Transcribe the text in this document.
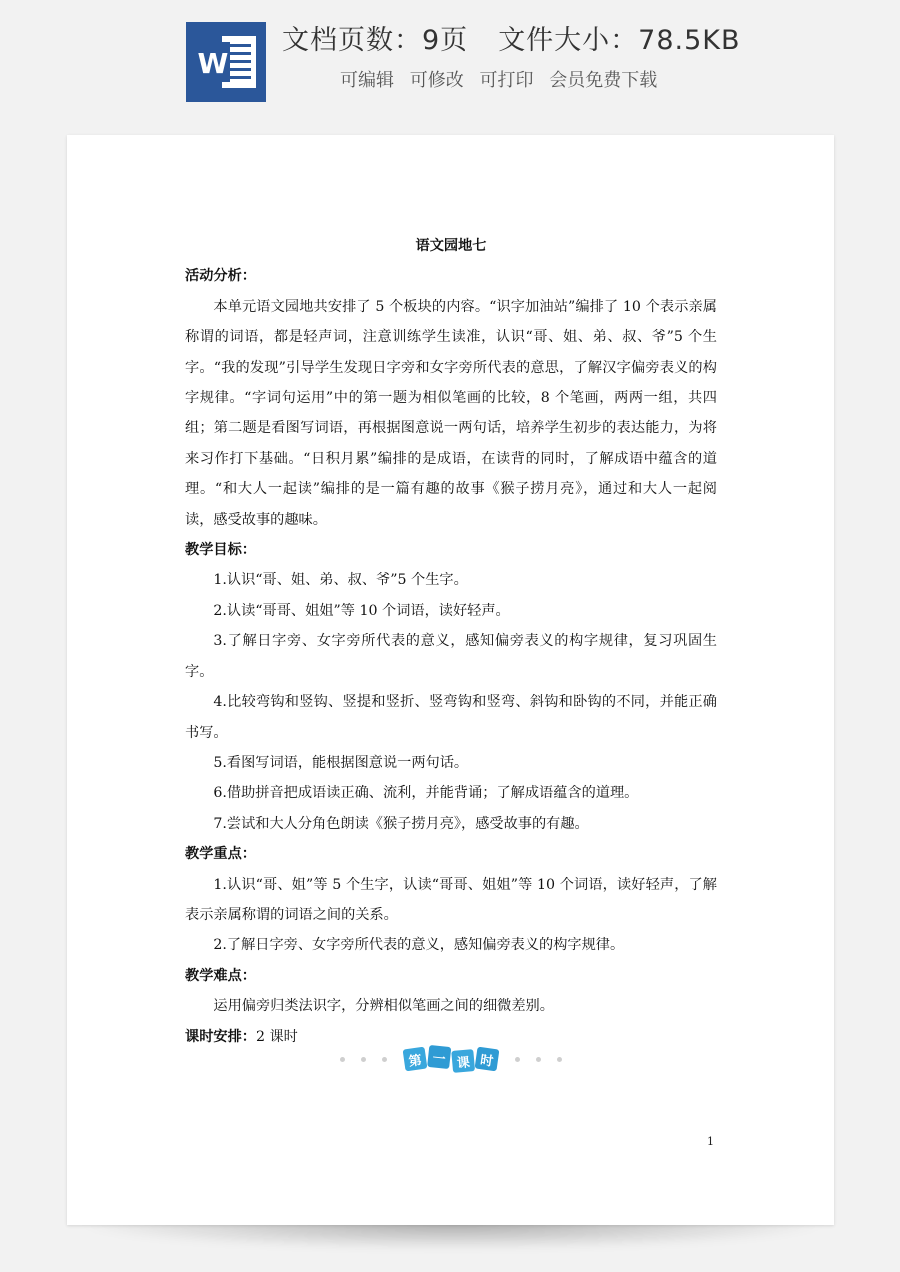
W
文档页数：9页 文件大小：78.5KB
可编辑 可修改 可打印 会员免费下载

语文园地七

活动分析：

本单元语文园地共安排了 5 个板块的内容。“识字加油站”编排了 10 个表示亲属称谓的词语，都是轻声词，注意训练学生读准，认识“哥、姐、弟、叔、爷”5 个生字。“我的发现”引导学生发现日字旁和女字旁所代表的意思，了解汉字偏旁表义的构字规律。“字词句运用”中的第一题为相似笔画的比较，8 个笔画，两两一组，共四组；第二题是看图写词语，再根据图意说一两句话，培养学生初步的表达能力，为将来习作打下基础。“日积月累”编排的是成语，在读背的同时，了解成语中蕴含的道理。“和大人一起读”编排的是一篇有趣的故事《猴子捞月亮》，通过和大人一起阅读，感受故事的趣味。

教学目标：

1.认识“哥、姐、弟、叔、爷”5 个生字。

2.认读“哥哥、姐姐”等 10 个词语，读好轻声。

3.了解日字旁、女字旁所代表的意义，感知偏旁表义的构字规律，复习巩固生字。

4.比较弯钩和竖钩、竖提和竖折、竖弯钩和竖弯、斜钩和卧钩的不同，并能正确书写。

5.看图写词语，能根据图意说一两句话。

6.借助拼音把成语读正确、流利，并能背诵；了解成语蕴含的道理。

7.尝试和大人分角色朗读《猴子捞月亮》，感受故事的有趣。

教学重点：

1.认识“哥、姐”等 5 个生字，认读“哥哥、姐姐”等 10 个词语，读好轻声，了解表示亲属称谓的词语之间的关系。

2.了解日字旁、女字旁所代表的意义，感知偏旁表义的构字规律。

教学难点：

运用偏旁归类法识字，分辨相似笔画之间的细微差别。

课时安排：2 课时

第 一 课 时
1
